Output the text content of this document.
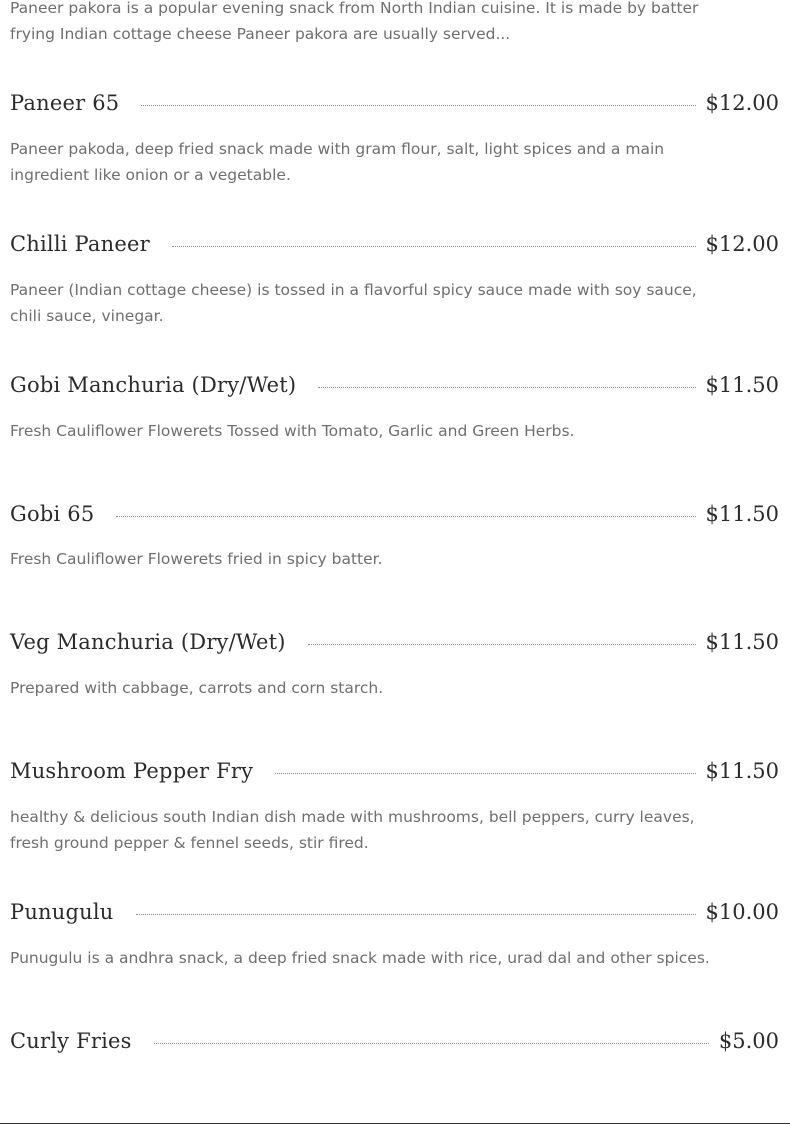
Paneer pakora is a popular evening snack from North Indian cuisine. It is made by batter frying Indian cottage cheese Paneer pakora are usually served...

Paneer 65	$12.00

Paneer pakoda, deep fried snack made with gram flour, salt, light spices and a main ingredient like onion or a vegetable.

Chilli Paneer	$12.00

Paneer (Indian cottage cheese) is tossed in a flavorful spicy sauce made with soy sauce, chili sauce, vinegar.

Gobi Manchuria (Dry/Wet)	$11.50

Fresh Cauliflower Flowerets Tossed with Tomato, Garlic and Green Herbs.

Gobi 65	$11.50

Fresh Cauliflower Flowerets fried in spicy batter.

Veg Manchuria (Dry/Wet)	$11.50

Prepared with cabbage, carrots and corn starch.

Mushroom Pepper Fry	$11.50

healthy & delicious south Indian dish made with mushrooms, bell peppers, curry leaves, fresh ground pepper & fennel seeds, stir fired.

Punugulu	$10.00

Punugulu is a andhra snack, a deep fried snack made with rice, urad dal and other spices.

Curly Fries	$5.00
